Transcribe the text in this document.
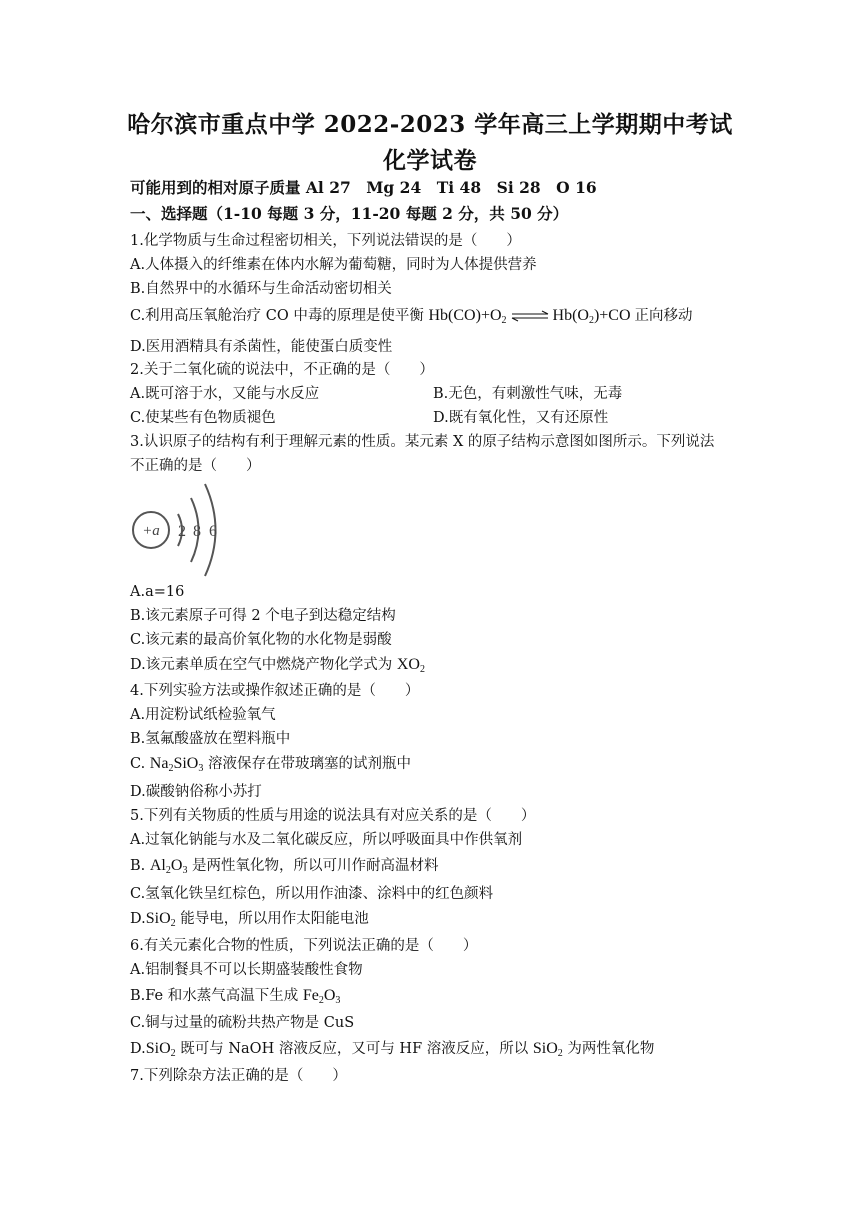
哈尔滨市重点中学 2022-2023 学年高三上学期期中考试
化学试卷
可能用到的相对原子质量 Al 27　Mg 24　Ti 48　Si 28　O 16
一、选择题（1-10 每题 3 分，11-20 每题 2 分，共 50 分）
1.化学物质与生命过程密切相关，下列说法错误的是（　　）
A.人体摄入的纤维素在体内水解为葡萄糖，同时为人体提供营养
B.自然界中的水循环与生命活动密切相关
C.利用高压氧舱治疗 CO 中毒的原理是使平衡 $Hb(CO)+O_2$ ⇌ $Hb(O_2)+CO$ 正向移动
D.医用酒精具有杀菌性，能使蛋白质变性
2.关于二氧化硫的说法中，不正确的是（　　）
A.既可溶于水，又能与水反应	B.无色，有刺激性气味，无毒
C.使某些有色物质褪色	D.既有氧化性，又有还原性
3.认识原子的结构有利于理解元素的性质。某元素 X 的原子结构示意图如图所示。下列说法
不正确的是（　　）
+a 2 8 6
A.a=16
B.该元素原子可得 2 个电子到达稳定结构
C.该元素的最高价氧化物的水化物是弱酸
D.该元素单质在空气中燃烧产物化学式为 $XO_2$
4.下列实验方法或操作叙述正确的是（　　）
A.用淀粉试纸检验氧气
B.氢氟酸盛放在塑料瓶中
C. $Na_2SiO_3$ 溶液保存在带玻璃塞的试剂瓶中
D.碳酸钠俗称小苏打
5.下列有关物质的性质与用途的说法具有对应关系的是（　　）
A.过氧化钠能与水及二氧化碳反应，所以呼吸面具中作供氧剂
B. $Al_2O_3$ 是两性氧化物，所以可川作耐高温材料
C.氢氧化铁呈红棕色，所以用作油漆、涂料中的红色颜料
D.SiO$_2$ 能导电，所以用作太阳能电池
6.有关元素化合物的性质，下列说法正确的是（　　）
A.铝制餐具不可以长期盛装酸性食物
B.Fe 和水蒸气高温下生成 $Fe_2O_3$
C.铜与过量的硫粉共热产物是 CuS
D.SiO$_2$ 既可与 NaOH 溶液反应，又可与 HF 溶液反应，所以 SiO$_2$ 为两性氧化物
7.下列除杂方法正确的是（　　）
